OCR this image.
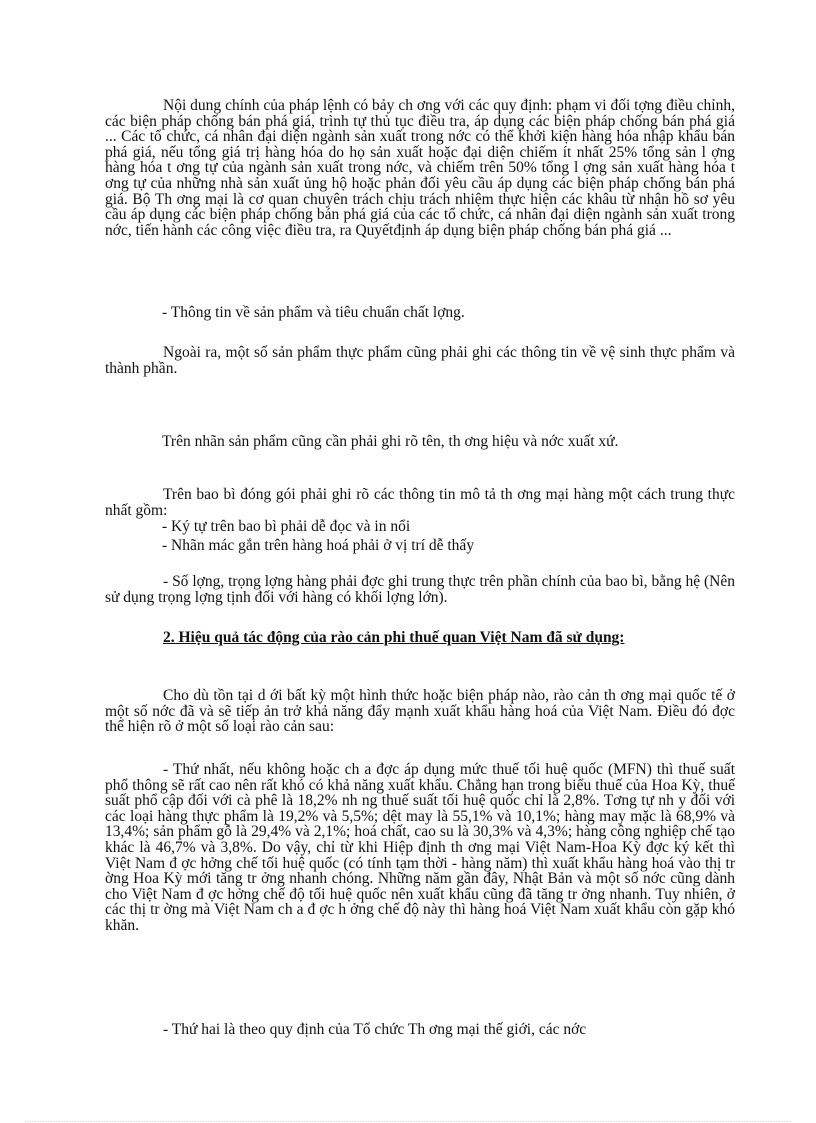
Nội dung chính của pháp lệnh có bảy ch ơng với các quy định: phạm vi đối tợng điều chỉnh, các biện pháp chống bán phá giá, trình tự thủ tục điều tra, áp dụng các biện pháp chống bán phá giá ... Các tổ chức, cá nhân đại diện ngành sản xuất trong nớc có thể khởi kiện hàng hóa nhập khẩu bán phá giá, nếu tổng giá trị hàng hóa do họ sản xuất hoặc đại diện chiếm ít nhất 25% tổng sản l ợng hàng hóa t ơng tự của ngành sản xuất trong nớc, và chiếm trên 50% tổng l ợng sản xuất hàng hóa t ơng tự của những nhà sản xuất ủng hộ hoặc phản đối yêu cầu áp dụng các biện pháp chống bán phá giá. Bộ Th ơng mại là cơ quan chuyên trách chịu trách nhiệm thực hiện các khâu từ nhận hồ sơ yêu cầu áp dụng các biện pháp chống bán phá giá của các tổ chức, cá nhân đại diện ngành sản xuất trong nớc, tiến hành các công việc điều tra, ra Quyếtđịnh áp dụng biện pháp chống bán phá giá ...

- Thông tin về sản phẩm và tiêu chuẩn chất lợng.

Ngoài ra, một số sản phẩm thực phẩm cũng phải ghi các thông tin về vệ sinh thực phẩm và thành phần.

Trên nhãn sản phẩm cũng cần phải ghi rõ tên, th ơng hiệu và nớc xuất xứ.

Trên bao bì đóng gói phải ghi rõ các thông tin mô tả th ơng mại hàng một cách trung thực nhất gồm:

- Ký tự trên bao bì phải dễ đọc và in nổi

- Nhãn mác gắn trên hàng hoá phải ở vị trí dễ thấy

- Số lợng, trọng lợng hàng phải đợc ghi trung thực trên phần chính của bao bì, bằng hệ (Nên sử dụng trọng lợng tịnh đối với hàng có khối lợng lớn).

2. Hiệu quả tác động của rào cản phi thuế quan Việt Nam đã sử dụng:

Cho dù tồn tại d ới bất kỳ một hình thức hoặc biện pháp nào, rào cản th ơng mại quốc tế ở một số nớc đã và sẽ tiếp ản trở khả năng đẩy mạnh xuất khẩu hàng hoá của Việt Nam. Điều đó đợc thể hiện rõ ở một số loại rào cản sau:

- Thứ nhất, nếu không hoặc ch a đợc áp dụng mức thuế tối huệ quốc (MFN) thì thuế suất phổ thông sẽ rất cao nên rất khó có khả năng xuất khẩu. Chẳng hạn trong biểu thuế của Hoa Kỳ, thuế suất phổ cập đối với cà phê là 18,2% nh ng thuế suất tối huệ quốc chỉ là 2,8%. Tơng tự nh y đối với các loại hàng thực phẩm là 19,2% và 5,5%; dệt may là 55,1% và 10,1%; hàng may mặc là 68,9% và 13,4%; sản phẩm gỗ là 29,4% và 2,1%; hoá chất, cao su là 30,3% và 4,3%; hàng công nghiệp chế tạo khác là 46,7% và 3,8%. Do vậy, chỉ từ khi Hiệp định th ơng mại Việt Nam-Hoa Kỳ đợc ký kết thì Việt Nam đ ợc hởng chế tối huệ quốc (có tính tạm thời - hàng năm) thì xuất khẩu hàng hoá vào thị tr ờng Hoa Kỳ mới tăng tr ởng nhanh chóng. Những năm gần đây, Nhật Bản và một số nớc cũng dành cho Việt Nam đ ợc hởng chế độ tối huệ quốc nên xuất khẩu cũng đã tăng tr ởng nhanh. Tuy nhiên, ở các thị tr ờng mà Việt Nam ch a đ ợc h ởng chế độ này thì hàng hoá Việt Nam xuất khẩu còn gặp khó khăn.

- Thứ hai là theo quy định của Tổ chức Th ơng mại thế giới, các nớc
